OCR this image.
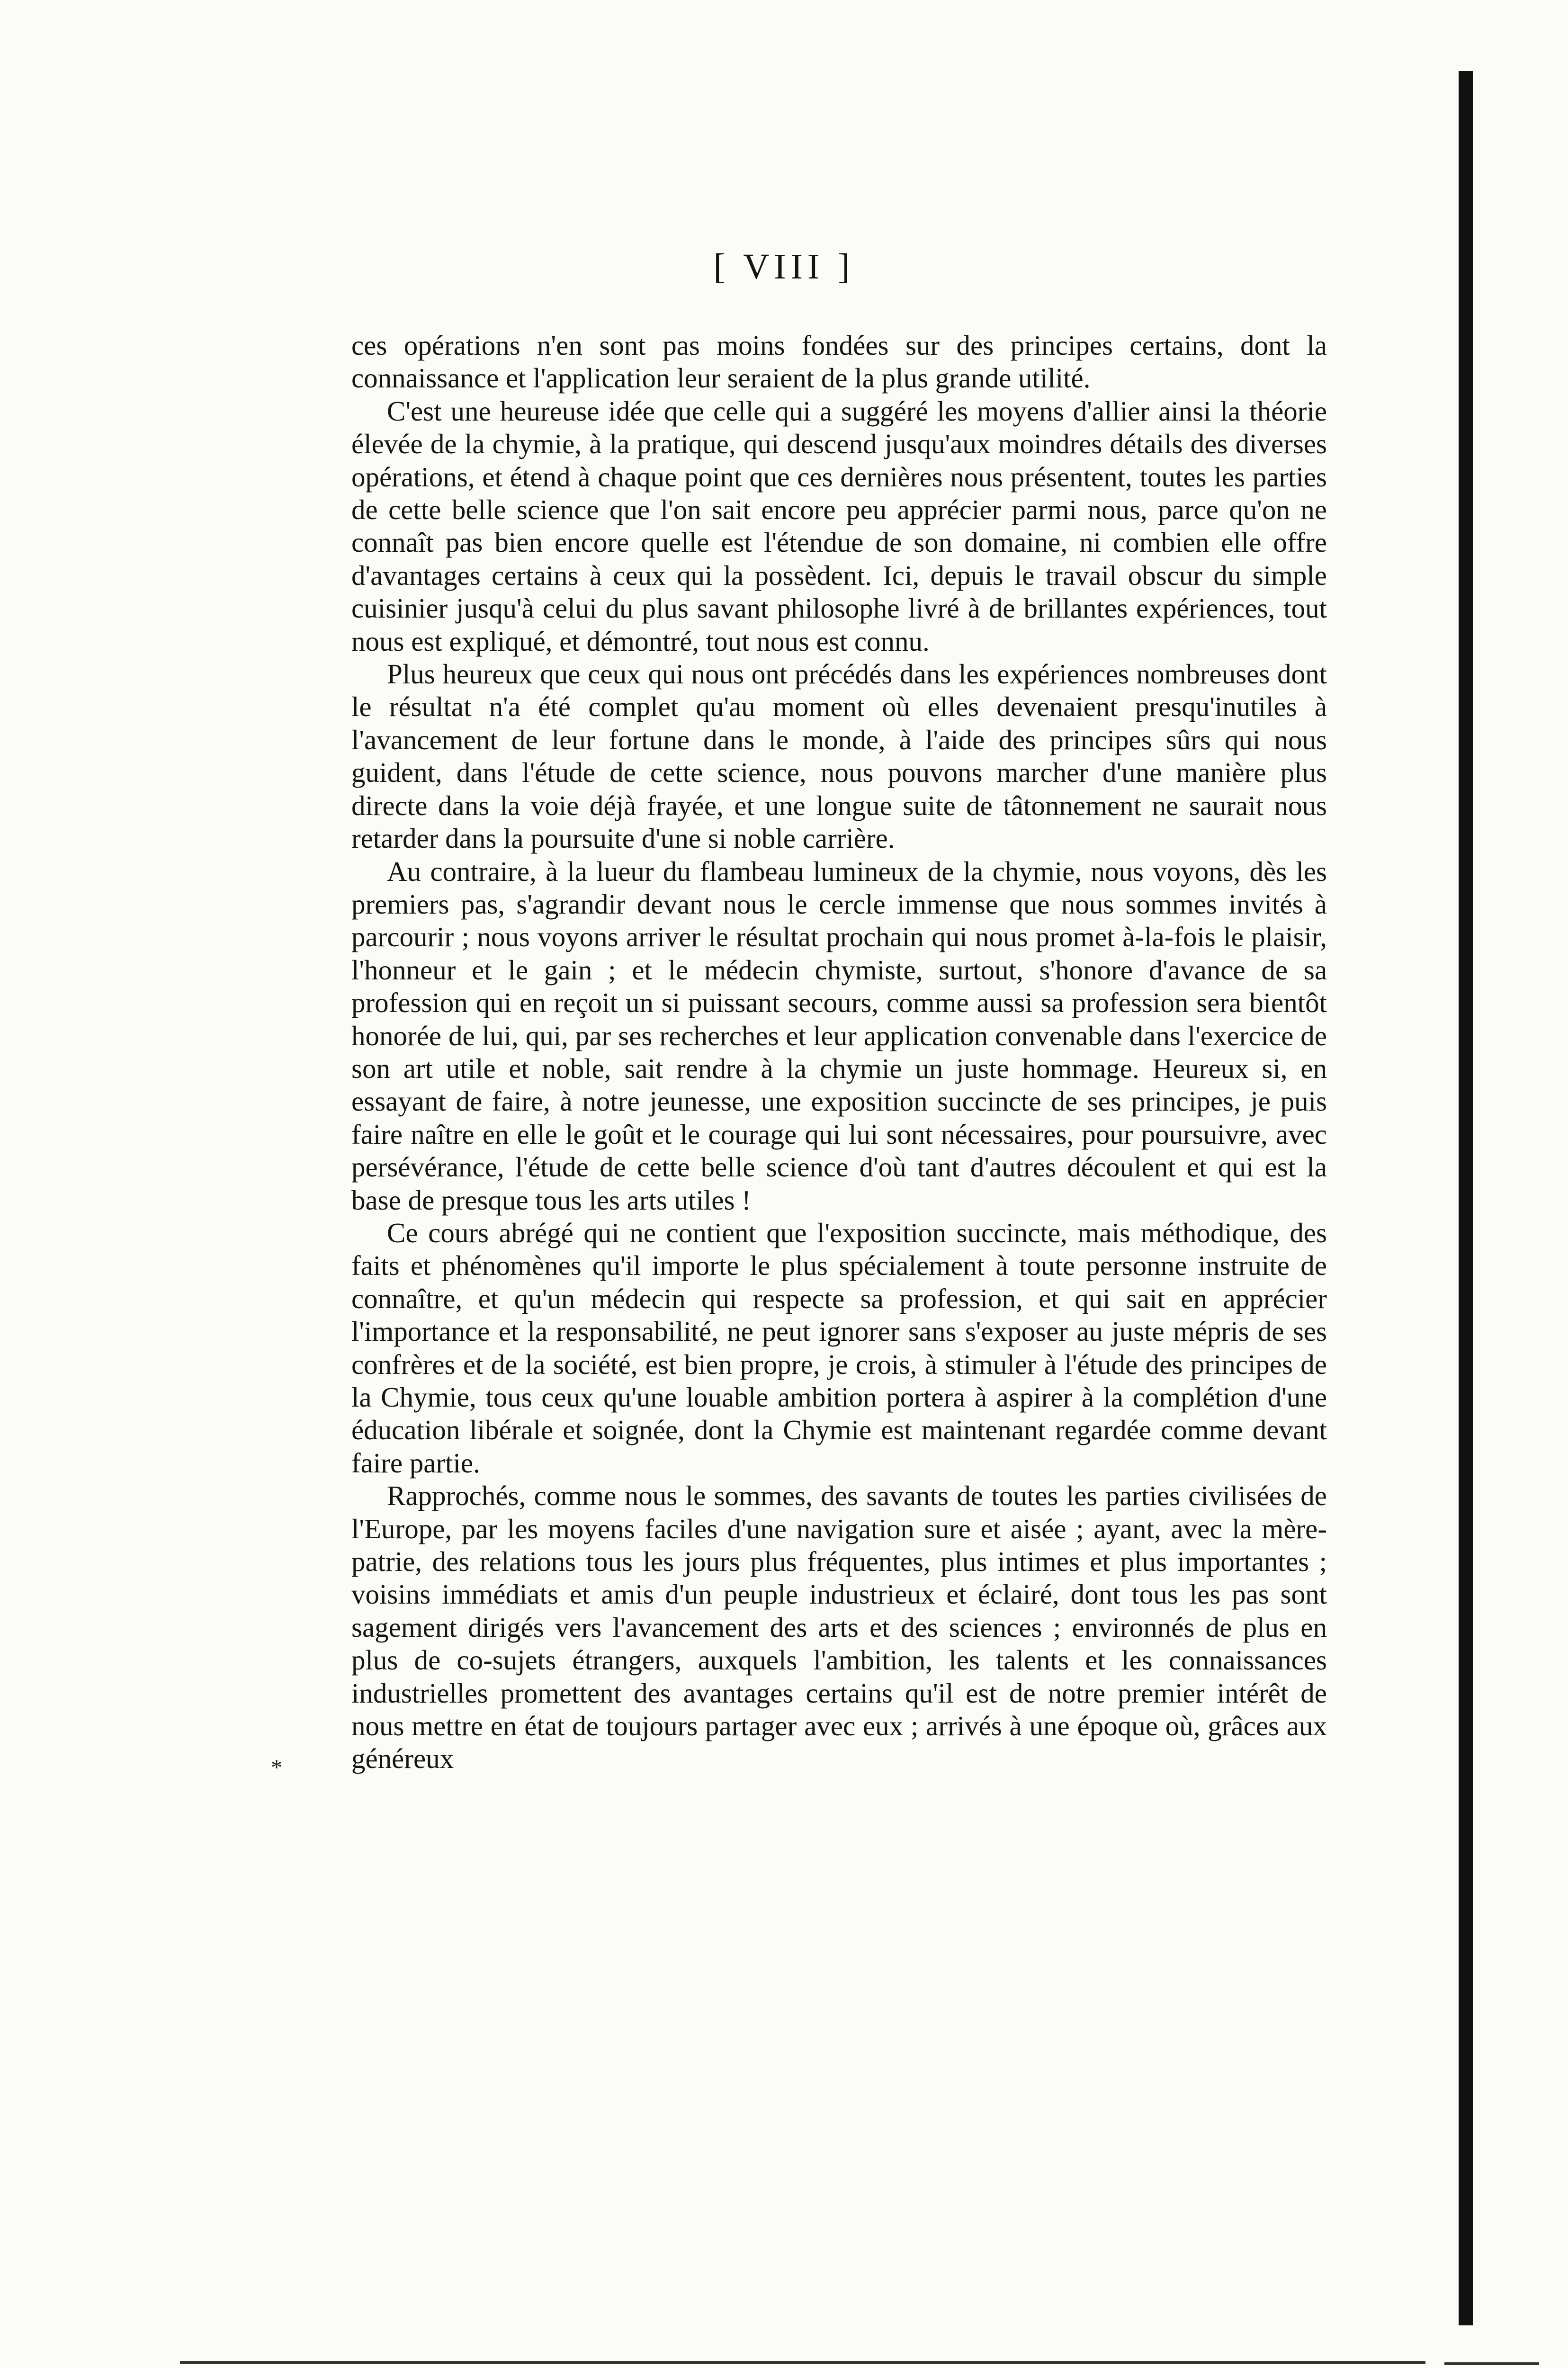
[ VIII ]
*

ces opérations n'en sont pas moins fondées sur des principes certains, dont la connaissance et l'application leur seraient de la plus grande utilité.

C'est une heureuse idée que celle qui a suggéré les moyens d'allier ainsi la théorie élevée de la chymie, à la pratique, qui descend jusqu'aux moindres détails des diverses opérations, et étend à chaque point que ces dernières nous présentent, toutes les parties de cette belle science que l'on sait encore peu apprécier parmi nous, parce qu'on ne connaît pas bien encore quelle est l'étendue de son domaine, ni combien elle offre d'avantages certains à ceux qui la possèdent. Ici, depuis le travail obscur du simple cuisinier jusqu'à celui du plus savant philosophe livré à de brillantes expériences, tout nous est expliqué, et démontré, tout nous est connu.

Plus heureux que ceux qui nous ont précédés dans les expériences nombreuses dont le résultat n'a été complet qu'au moment où elles devenaient presqu'inutiles à l'avancement de leur fortune dans le monde, à l'aide des principes sûrs qui nous guident, dans l'étude de cette science, nous pouvons marcher d'une manière plus directe dans la voie déjà frayée, et une longue suite de tâtonnement ne saurait nous retarder dans la poursuite d'une si noble carrière.

Au contraire, à la lueur du flambeau lumineux de la chymie, nous voyons, dès les premiers pas, s'agrandir devant nous le cercle immense que nous sommes invités à parcourir ; nous voyons arriver le résultat prochain qui nous promet à-la-fois le plaisir, l'honneur et le gain ; et le médecin chymiste, surtout, s'honore d'avance de sa profession qui en reçoit un si puissant secours, comme aussi sa profession sera bientôt honorée de lui, qui, par ses recherches et leur application convenable dans l'exercice de son art utile et noble, sait rendre à la chymie un juste hommage. Heureux si, en essayant de faire, à notre jeunesse, une exposition succincte de ses principes, je puis faire naître en elle le goût et le courage qui lui sont nécessaires, pour poursuivre, avec persévérance, l'étude de cette belle science d'où tant d'autres découlent et qui est la base de presque tous les arts utiles !

Ce cours abrégé qui ne contient que l'exposition succincte, mais méthodique, des faits et phénomènes qu'il importe le plus spécialement à toute personne instruite de connaître, et qu'un médecin qui respecte sa profession, et qui sait en apprécier l'importance et la responsabilité, ne peut ignorer sans s'exposer au juste mépris de ses confrères et de la société, est bien propre, je crois, à stimuler à l'étude des principes de la Chymie, tous ceux qu'une louable ambition portera à aspirer à la complétion d'une éducation libérale et soignée, dont la Chymie est maintenant regardée comme devant faire partie.

Rapprochés, comme nous le sommes, des savants de toutes les parties civilisées de l'Europe, par les moyens faciles d'une navigation sure et aisée ; ayant, avec la mère-patrie, des relations tous les jours plus fréquentes, plus intimes et plus importantes ; voisins immédiats et amis d'un peuple industrieux et éclairé, dont tous les pas sont sagement dirigés vers l'avancement des arts et des sciences ; environnés de plus en plus de co-sujets étrangers, auxquels l'ambition, les talents et les connaissances industrielles promettent des avantages certains qu'il est de notre premier intérêt de nous mettre en état de toujours partager avec eux ; arrivés à une époque où, grâces aux généreux
